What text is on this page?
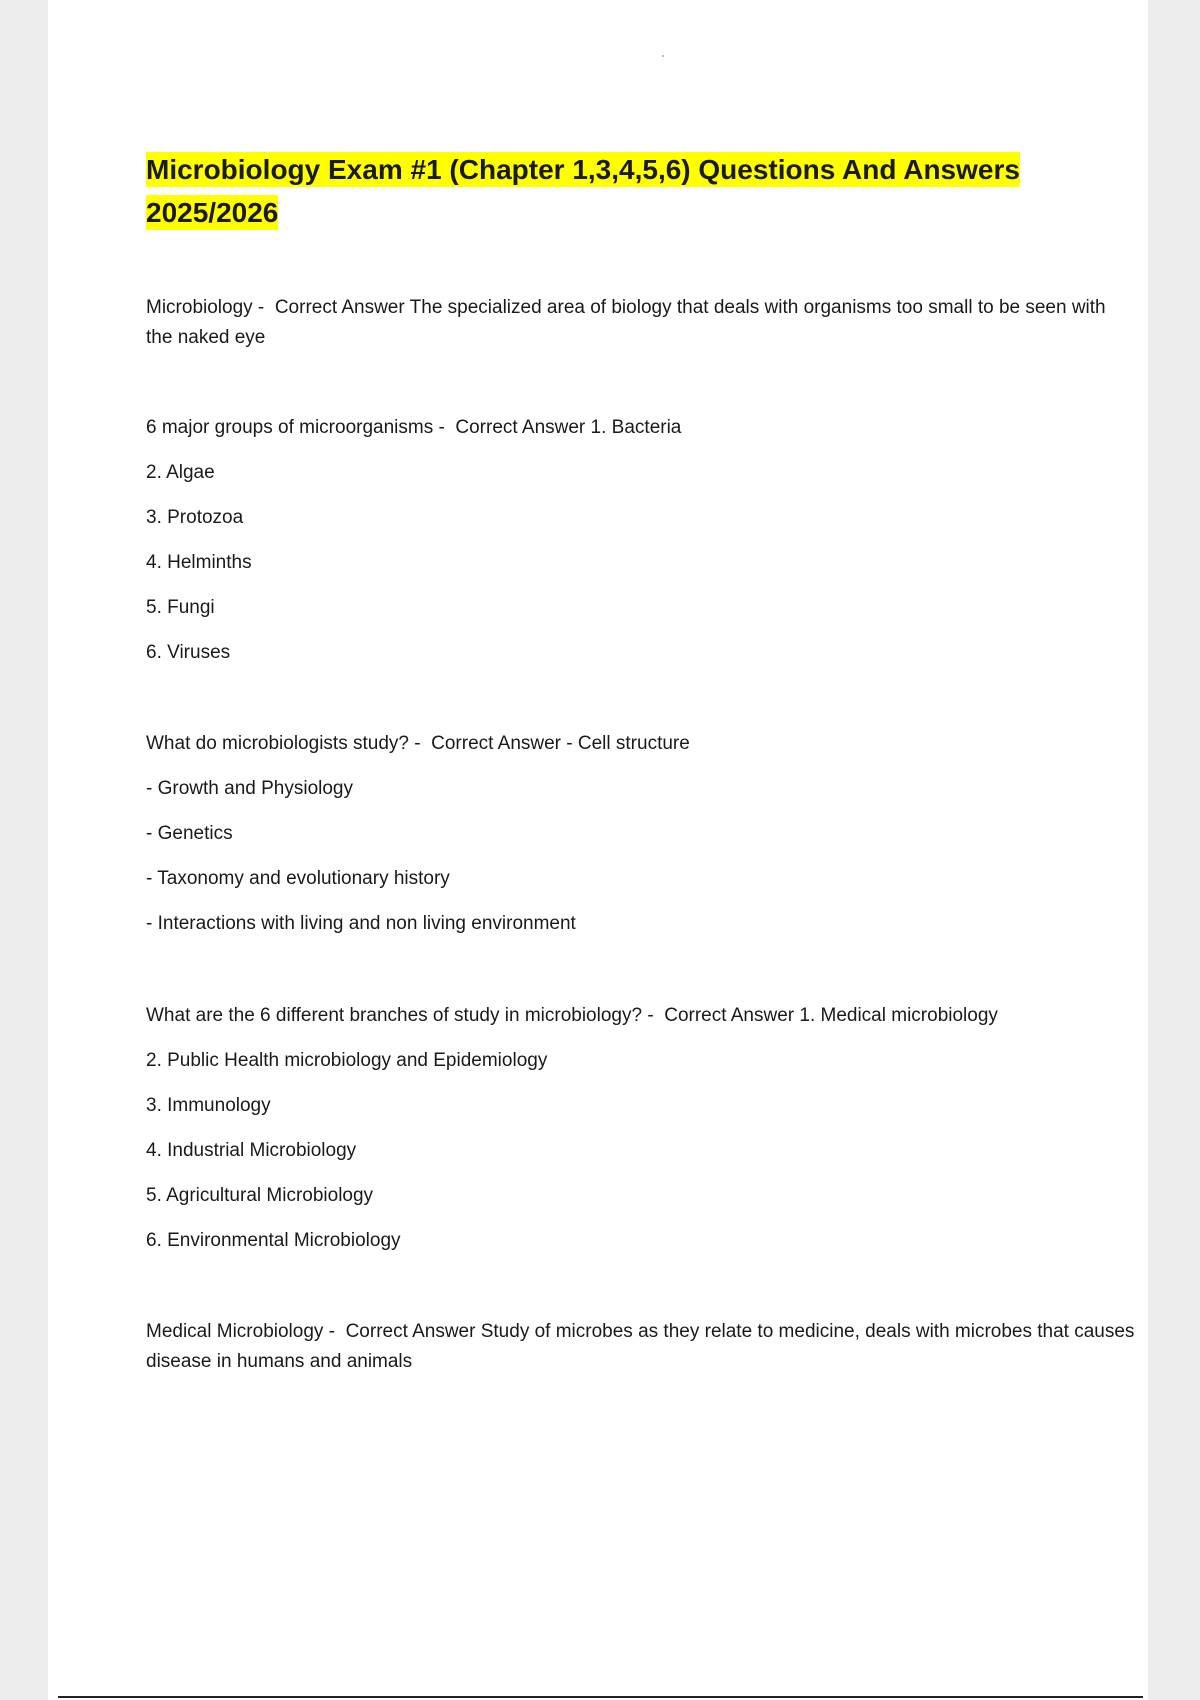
Microbiology Exam #1 (Chapter 1,3,4,5,6) Questions And Answers
2025/2026

Microbiology -  Correct Answer The specialized area of biology that deals with organisms too small to be seen with the naked eye

6 major groups of microorganisms -  Correct Answer 1. Bacteria

2. Algae

3. Protozoa

4. Helminths

5. Fungi

6. Viruses

What do microbiologists study? -  Correct Answer - Cell structure

- Growth and Physiology

- Genetics

- Taxonomy and evolutionary history

- Interactions with living and non living environment

What are the 6 different branches of study in microbiology? -  Correct Answer 1. Medical microbiology

2. Public Health microbiology and Epidemiology

3. Immunology

4. Industrial Microbiology

5. Agricultural Microbiology

6. Environmental Microbiology

Medical Microbiology -  Correct Answer Study of microbes as they relate to medicine, deals with microbes that causes disease in humans and animals
